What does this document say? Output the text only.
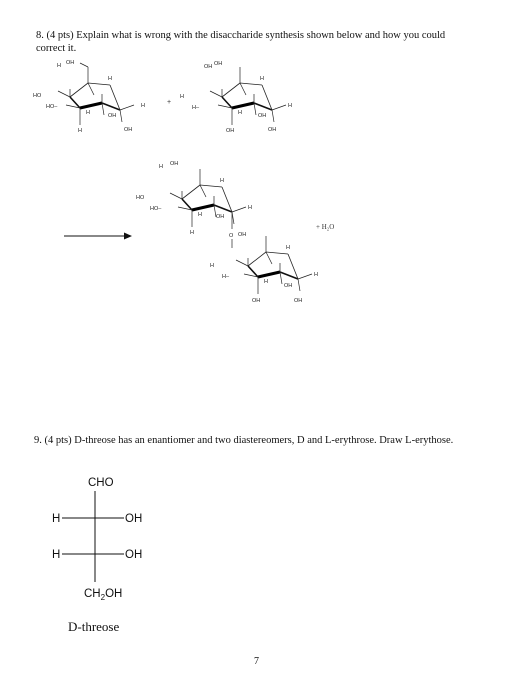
8. (4 pts) Explain what is wrong with the disaccharide synthesis shown below and how you could correct it.
H
H OH
HO
HO–
H
H	OH
OH
H	+
OH OH
H
H
H–
OH
H	OH
OH
H
H OH
H
HO
HO–
H
H	OH
H
O OH
H
H
H–
OH
H
OH
OH
H
+ H₂O
9. (4 pts) D-threose has an enantiomer and two diastereomers, D and L-erythrose. Draw L-erythose.
CHO
H	OH
H	OH
$CH_2OH$
D-threose
7
